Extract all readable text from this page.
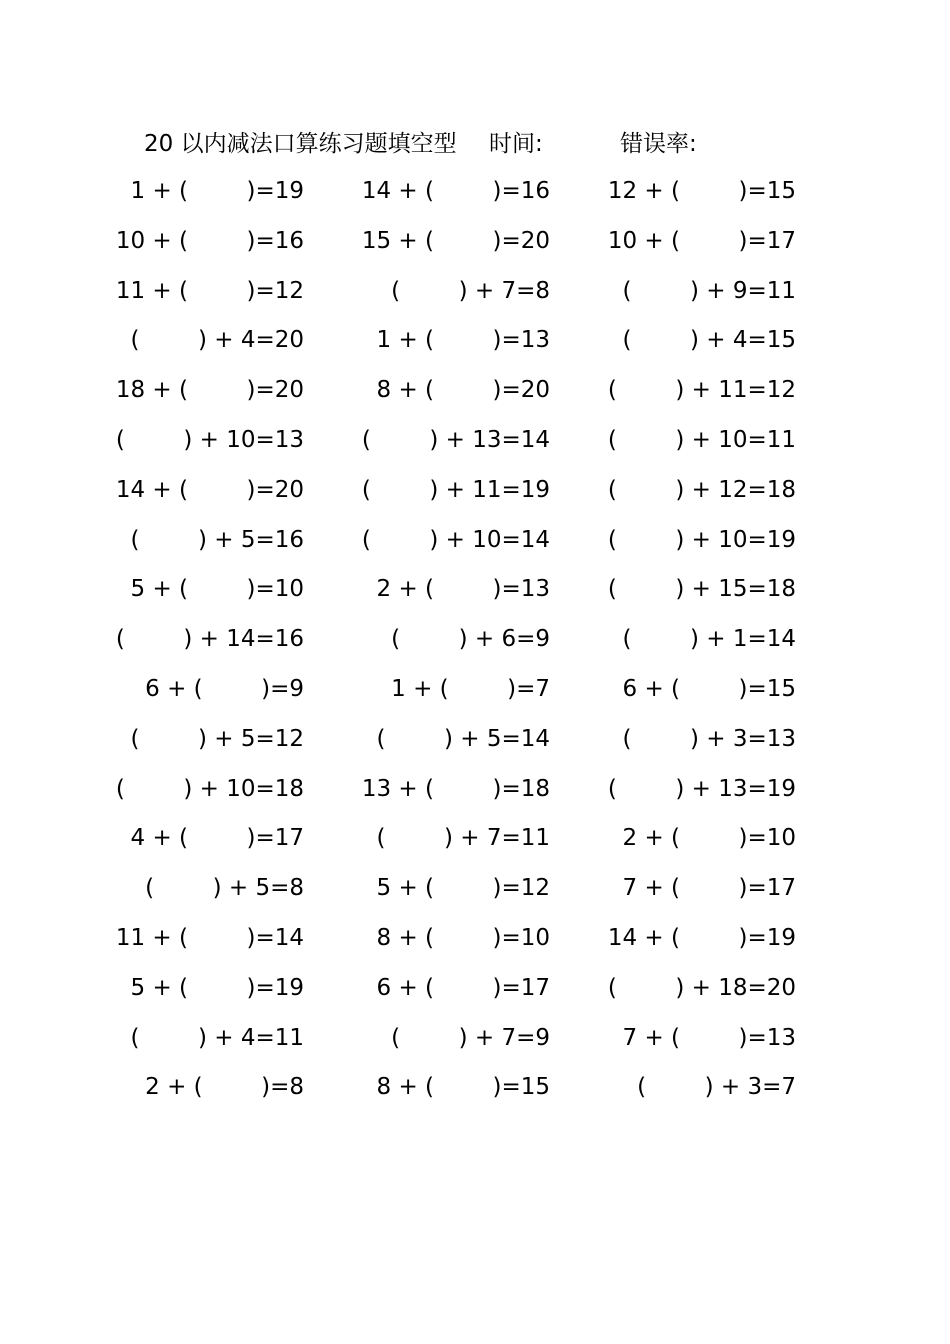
20 以内减法口算练习题填空型 时间:	错误率:
1 + (        )=19	14 + (        )=16	12 + (        )=15
10 + (        )=16	15 + (        )=20	10 + (        )=17
11 + (        )=12	(        ) + 7=8	(        ) + 9=11
(        ) + 4=20	1 + (        )=13	(        ) + 4=15
18 + (        )=20	8 + (        )=20	(        ) + 11=12
(        ) + 10=13	(        ) + 13=14	(        ) + 10=11
14 + (        )=20	(        ) + 11=19	(        ) + 12=18
(        ) + 5=16	(        ) + 10=14	(        ) + 10=19
5 + (        )=10	2 + (        )=13	(        ) + 15=18
(        ) + 14=16	(        ) + 6=9	(        ) + 1=14
6 + (        )=9	1 + (        )=7	6 + (        )=15
(        ) + 5=12	(        ) + 5=14	(        ) + 3=13
(        ) + 10=18	13 + (        )=18	(        ) + 13=19
4 + (        )=17	(        ) + 7=11	2 + (        )=10
(        ) + 5=8	5 + (        )=12	7 + (        )=17
11 + (        )=14	8 + (        )=10	14 + (        )=19
5 + (        )=19	6 + (        )=17	(        ) + 18=20
(        ) + 4=11	(        ) + 7=9	7 + (        )=13
2 + (        )=8	8 + (        )=15	(        ) + 3=7
